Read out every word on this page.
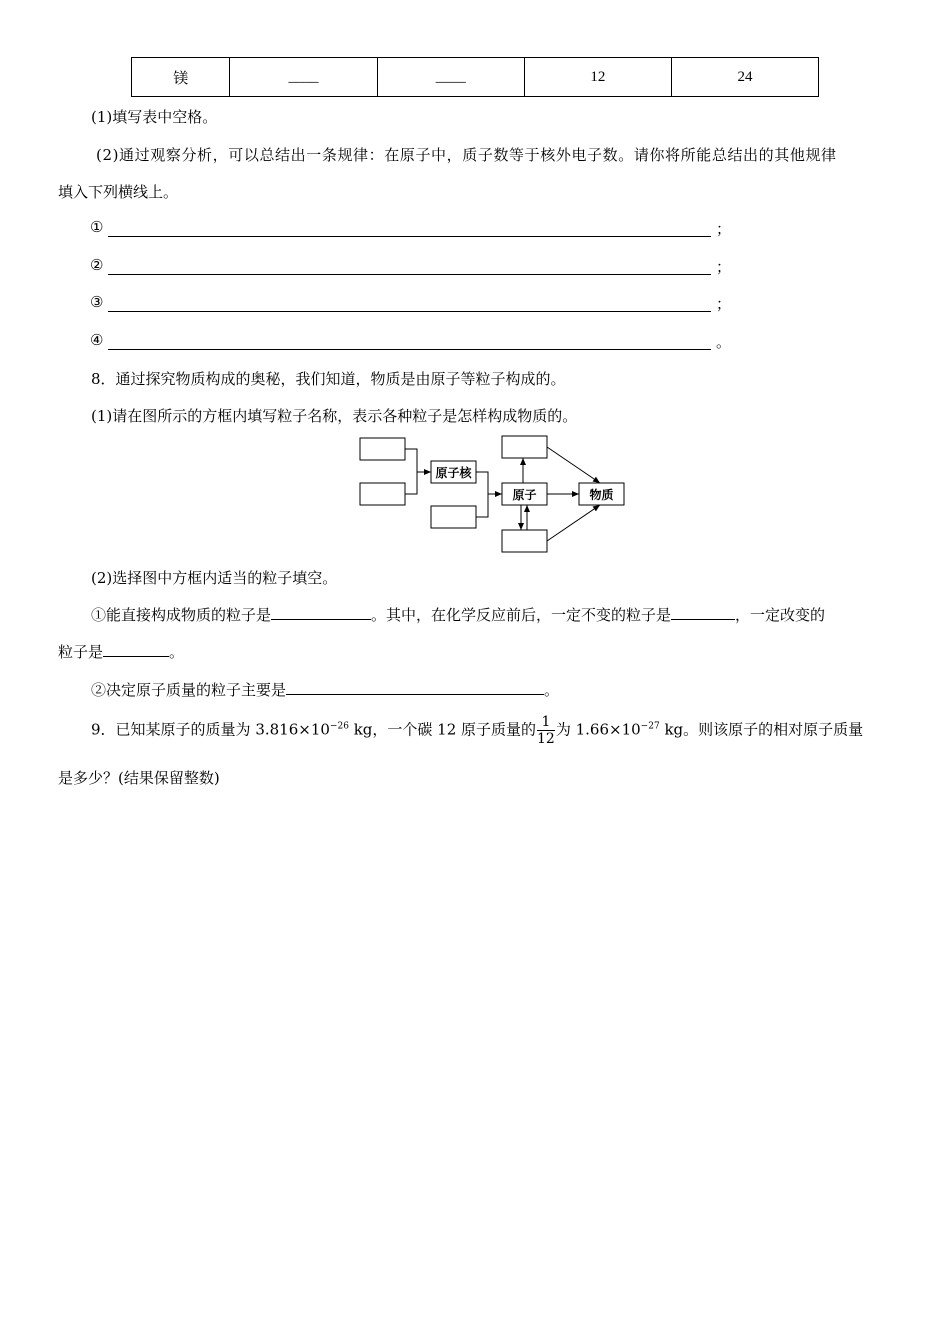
镁	____	____	12	24
(1)填写表中空格。
(2)通过观察分析，可以总结出一条规律：在原子中，质子数等于核外电子数。请你将所能总结出的其他规律
填入下列横线上。
①	；
②	；
③	；
④	。
8．通过探究物质构成的奥秘，我们知道，物质是由原子等粒子构成的。
(1)请在图所示的方框内填写粒子名称，表示各种粒子是怎样构成物质的。
原子核
原子	物质
(2)选择图中方框内适当的粒子填空。
①能直接构成物质的粒子是	。其中，在化学反应前后，一定不变的粒子是	，一定改变的
粒子是	。
②决定原子质量的粒子主要是	。
9．已知某原子的质量为 $3.816\times 10^{-26}$ kg，一个碳 12 原子质量的 $\frac{1}{12}$ 为 $1.66\times 10^{-27}$ kg。则该原子的相对原子质量
是多少？(结果保留整数)
